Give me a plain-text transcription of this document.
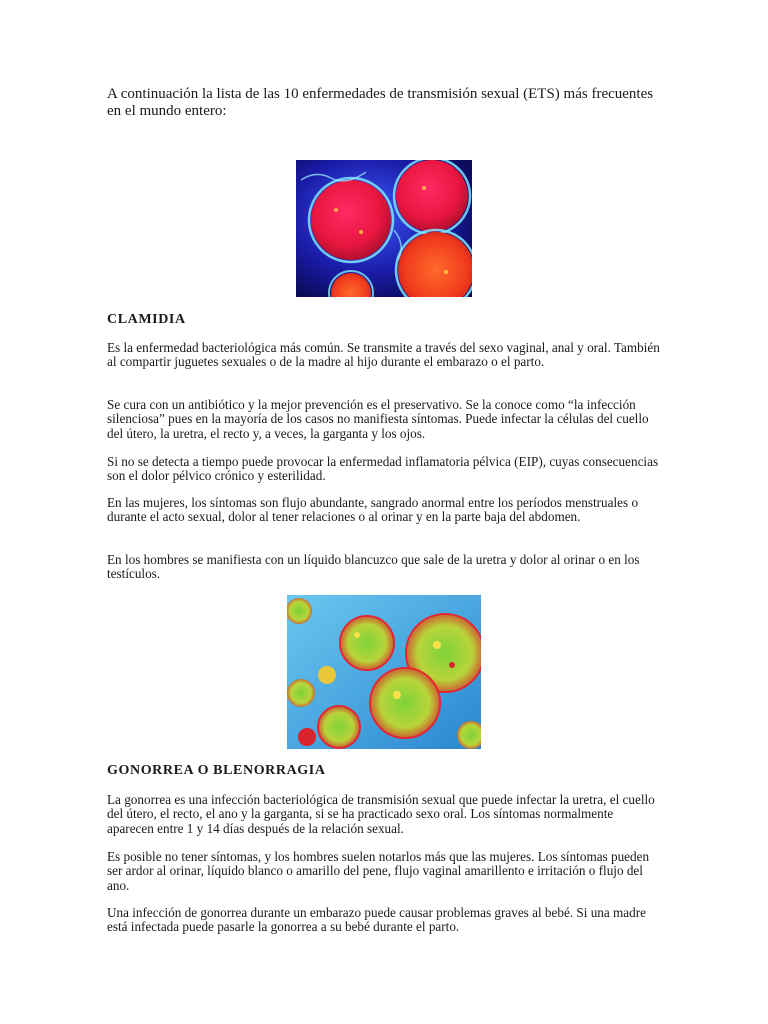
A continuación la lista de las 10 enfermedades de transmisión sexual (ETS) más frecuentes en el mundo entero:

CLAMIDIA

Es la enfermedad bacteriológica más común. Se transmite a través del sexo vaginal, anal y oral. También al compartir juguetes sexuales o de la madre al hijo durante el embarazo o el parto.

Se cura con un antibiótico y la mejor prevención es el preservativo. Se la conoce como “la infección silenciosa” pues en la mayoría de los casos no manifiesta síntomas. Puede infectar la células del cuello del útero, la uretra, el recto y, a veces, la garganta y los ojos.

Si no se detecta a tiempo puede provocar la enfermedad inflamatoria pélvica (EIP), cuyas consecuencias son el dolor pélvico crónico y esterilidad.

En las mujeres, los síntomas son flujo abundante, sangrado anormal entre los períodos menstruales o durante el acto sexual, dolor al tener relaciones o al orinar y en la parte baja del abdomen.

En los hombres se manifiesta con un líquido blancuzco que sale de la uretra y dolor al orinar o en los testículos.

GONORREA O BLENORRAGIA

La gonorrea es una infección bacteriológica de transmisión sexual que puede infectar la uretra, el cuello del útero, el recto, el ano y la garganta, si se ha practicado sexo oral. Los síntomas normalmente aparecen entre 1 y 14 días después de la relación sexual.

Es posible no tener síntomas, y los hombres suelen notarlos más que las mujeres. Los síntomas pueden ser ardor al orinar, líquido blanco o amarillo del pene, flujo vaginal amarillento e irritación o flujo del ano.

Una infección de gonorrea durante un embarazo puede causar problemas graves al bebé. Si una madre está infectada puede pasarle la gonorrea a su bebé durante el parto.
